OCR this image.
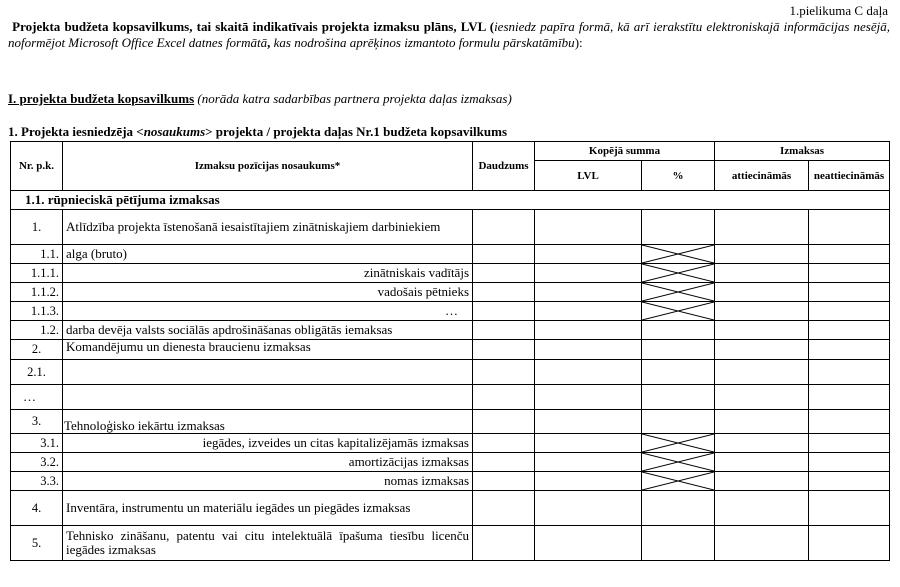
1.pielikuma C daļa
Projekta budžeta kopsavilkums, tai skaitā indikatīvais projekta izmaksu plāns, LVL (iesniedz papīra formā, kā arī ierakstītu elektroniskajā informācijas nesējā, noformējot Microsoft Office Excel datnes formātā, kas nodrošina aprēķinos izmantoto formulu pārskatāmību):
I. projekta budžeta kopsavilkums (norāda katra sadarbības partnera projekta daļas izmaksas)
1. Projekta iesniedzēja <nosaukums> projekta / projekta daļas Nr.1 budžeta kopsavilkums
Nr. p.k.	Izmaksu pozīcijas nosaukums*	Daudzums	Kopējā summa		Izmaksas	
			LVL	%	attiecināmās	neattiecināmās
1.1. rūpnieciskā pētījuma izmaksas						
1.	Atlīdzība projekta īstenošanā iesaistītajiem zinātniskajiem darbiniekiem					
1.1.	alga (bruto)			

1.1.1.	zinātniskais vadītājs			

1.1.2.	vadošais pētnieks			

1.1.3.	…			

1.2.	darba devēja valsts sociālās apdrošināšanas obligātās iemaksas					
2.	Komandējumu un dienesta braucienu izmaksas					
2.1.						
…						
3.	Tehnoloģisko iekārtu izmaksas					
3.1.	iegādes, izveides un citas kapitalizējamās izmaksas			

3.2.	amortizācijas izmaksas			

3.3.	nomas izmaksas			

4.	Inventāra, instrumentu un materiālu iegādes un piegādes izmaksas					
5.	Tehnisko zināšanu, patentu vai citu intelektuālā īpašuma tiesību licenču iegādes izmaksas					
